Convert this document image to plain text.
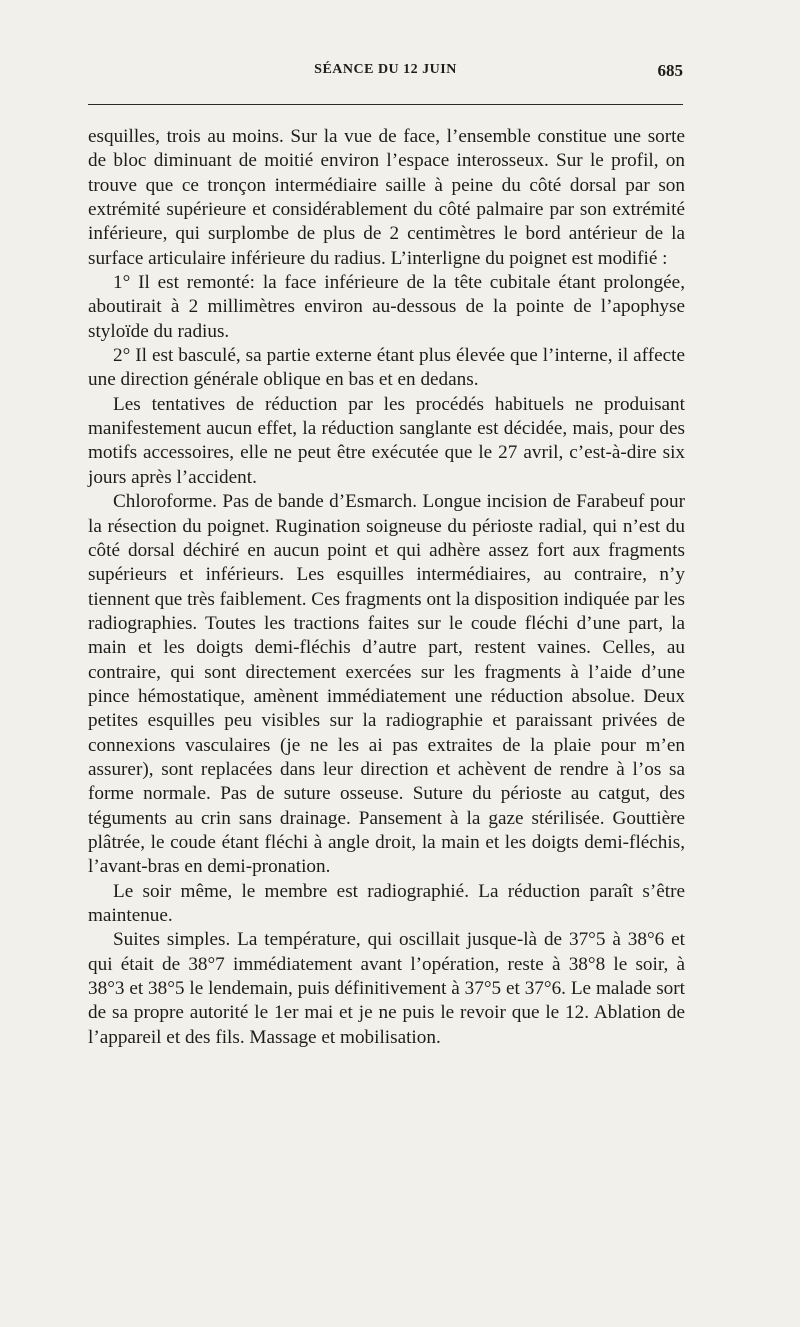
SÉANCE DU 12 JUIN	685

esquilles, trois au moins. Sur la vue de face, l’ensemble constitue une sorte de bloc diminuant de moitié environ l’espace interosseux. Sur le profil, on trouve que ce tronçon intermédiaire saille à peine du côté dorsal par son extrémité supérieure et considérablement du côté palmaire par son extrémité inférieure, qui surplombe de plus de 2 centimètres le bord antérieur de la surface articulaire inférieure du radius. L’interligne du poignet est modifié :

1° Il est remonté: la face inférieure de la tête cubitale étant prolongée, aboutirait à 2 millimètres environ au-dessous de la pointe de l’apophyse styloïde du radius.

2° Il est basculé, sa partie externe étant plus élevée que l’interne, il affecte une direction générale oblique en bas et en dedans.

Les tentatives de réduction par les procédés habituels ne produisant manifestement aucun effet, la réduction sanglante est décidée, mais, pour des motifs accessoires, elle ne peut être exécutée que le 27 avril, c’est-à-dire six jours après l’accident.

Chloroforme. Pas de bande d’Esmarch. Longue incision de Farabeuf pour la résection du poignet. Rugination soigneuse du périoste radial, qui n’est du côté dorsal déchiré en aucun point et qui adhère assez fort aux fragments supérieurs et inférieurs. Les esquilles intermédiaires, au contraire, n’y tiennent que très faiblement. Ces fragments ont la disposition indiquée par les radiographies. Toutes les tractions faites sur le coude fléchi d’une part, la main et les doigts demi-fléchis d’autre part, restent vaines. Celles, au contraire, qui sont directement exercées sur les fragments à l’aide d’une pince hémostatique, amènent immédiatement une réduction absolue. Deux petites esquilles peu visibles sur la radiographie et paraissant privées de connexions vasculaires (je ne les ai pas extraites de la plaie pour m’en assurer), sont replacées dans leur direction et achèvent de rendre à l’os sa forme normale. Pas de suture osseuse. Suture du périoste au catgut, des téguments au crin sans drainage. Pansement à la gaze stérilisée. Gouttière plâtrée, le coude étant fléchi à angle droit, la main et les doigts demi-fléchis, l’avant-bras en demi-pronation.

Le soir même, le membre est radiographié. La réduction paraît s’être maintenue.

Suites simples. La température, qui oscillait jusque-là de 37°5 à 38°6 et qui était de 38°7 immédiatement avant l’opération, reste à 38°8 le soir, à 38°3 et 38°5 le lendemain, puis définitivement à 37°5 et 37°6. Le malade sort de sa propre autorité le 1er mai et je ne puis le revoir que le 12. Ablation de l’appareil et des fils. Massage et mobilisation.
